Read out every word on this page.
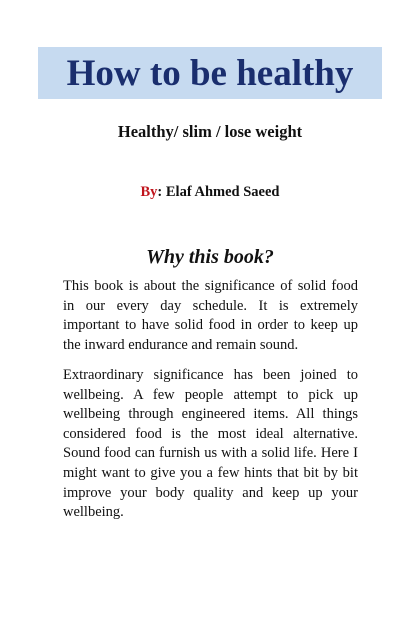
How to be healthy
Healthy/ slim / lose weight
By: Elaf Ahmed Saeed
Why this book?

This book is about the significance of solid food in our every day schedule. It is extremely important to have solid food in order to keep up the inward endurance and remain sound.

Extraordinary significance has been joined to wellbeing. A few people attempt to pick up wellbeing through engineered items. All things considered food is the most ideal alternative. Sound food can furnish us with a solid life. Here I might want to give you a few hints that bit by bit improve your body quality and keep up your wellbeing.
